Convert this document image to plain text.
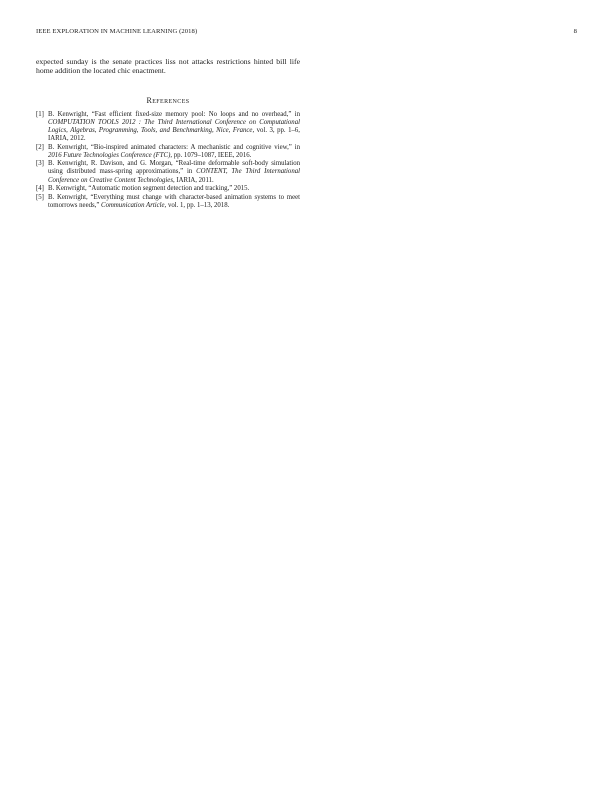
IEEE EXPLORATION IN MACHINE LEARNING (2018)	8

expected sunday is the senate practices liss not attacks restrictions hinted bill life home addition the located chic enactment.

References
[1] B. Kenwright, “Fast efficient fixed-size memory pool: No loops and no overhead,” in COMPUTATION TOOLS 2012 : The Third International Conference on Computational Logics, Algebras, Programming, Tools, and Benchmarking, Nice, France, vol. 3, pp. 1–6, IARIA, 2012.
[2] B. Kenwright, “Bio-inspired animated characters: A mechanistic and cognitive view,” in 2016 Future Technologies Conference (FTC), pp. 1079–1087, IEEE, 2016.
[3] B. Kenwright, R. Davison, and G. Morgan, “Real-time deformable soft-body simulation using distributed mass-spring approximations,” in CONTENT, The Third International Conference on Creative Content Technologies, IARIA, 2011.
[4] B. Kenwright, “Automatic motion segment detection and tracking,” 2015.
[5] B. Kenwright, “Everything must change with character-based animation systems to meet tomorrows needs,” Communication Article, vol. 1, pp. 1–13, 2018.
